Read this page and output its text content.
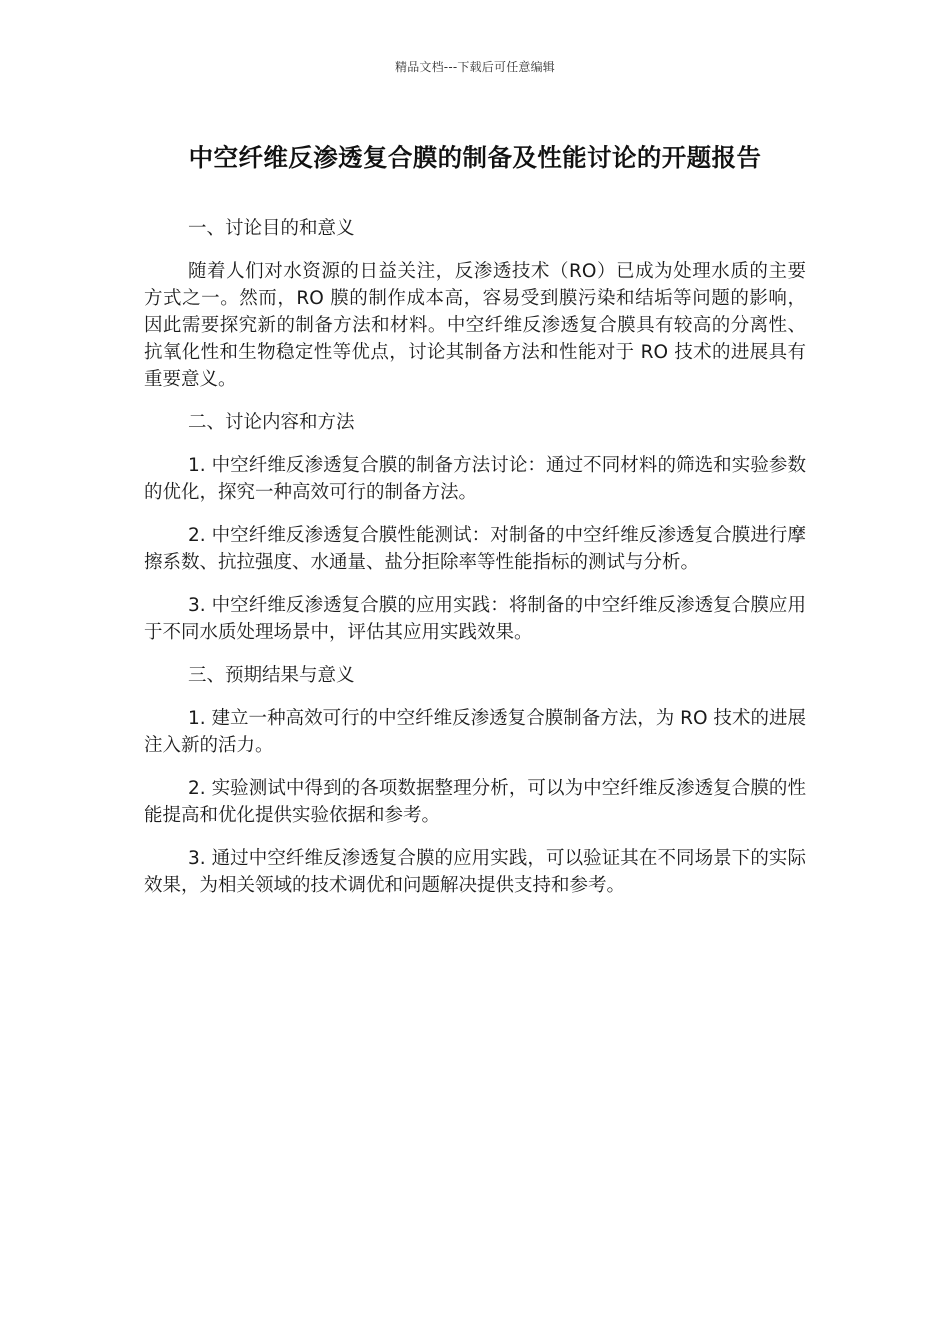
精品文档---下载后可任意编辑
中空纤维反渗透复合膜的制备及性能讨论的开题报告

一、讨论目的和意义

随着人们对水资源的日益关注，反渗透技术（RO）已成为处理水质的主要方式之一。然而，RO 膜的制作成本高，容易受到膜污染和结垢等问题的影响，因此需要探究新的制备方法和材料。中空纤维反渗透复合膜具有较高的分离性、抗氧化性和生物稳定性等优点，讨论其制备方法和性能对于 RO 技术的进展具有重要意义。

二、讨论内容和方法

1. 中空纤维反渗透复合膜的制备方法讨论：通过不同材料的筛选和实验参数的优化，探究一种高效可行的制备方法。

2. 中空纤维反渗透复合膜性能测试：对制备的中空纤维反渗透复合膜进行摩擦系数、抗拉强度、水通量、盐分拒除率等性能指标的测试与分析。

3. 中空纤维反渗透复合膜的应用实践：将制备的中空纤维反渗透复合膜应用于不同水质处理场景中，评估其应用实践效果。

三、预期结果与意义

1. 建立一种高效可行的中空纤维反渗透复合膜制备方法，为 RO 技术的进展注入新的活力。

2. 实验测试中得到的各项数据整理分析，可以为中空纤维反渗透复合膜的性能提高和优化提供实验依据和参考。

3. 通过中空纤维反渗透复合膜的应用实践，可以验证其在不同场景下的实际效果，为相关领域的技术调优和问题解决提供支持和参考。
